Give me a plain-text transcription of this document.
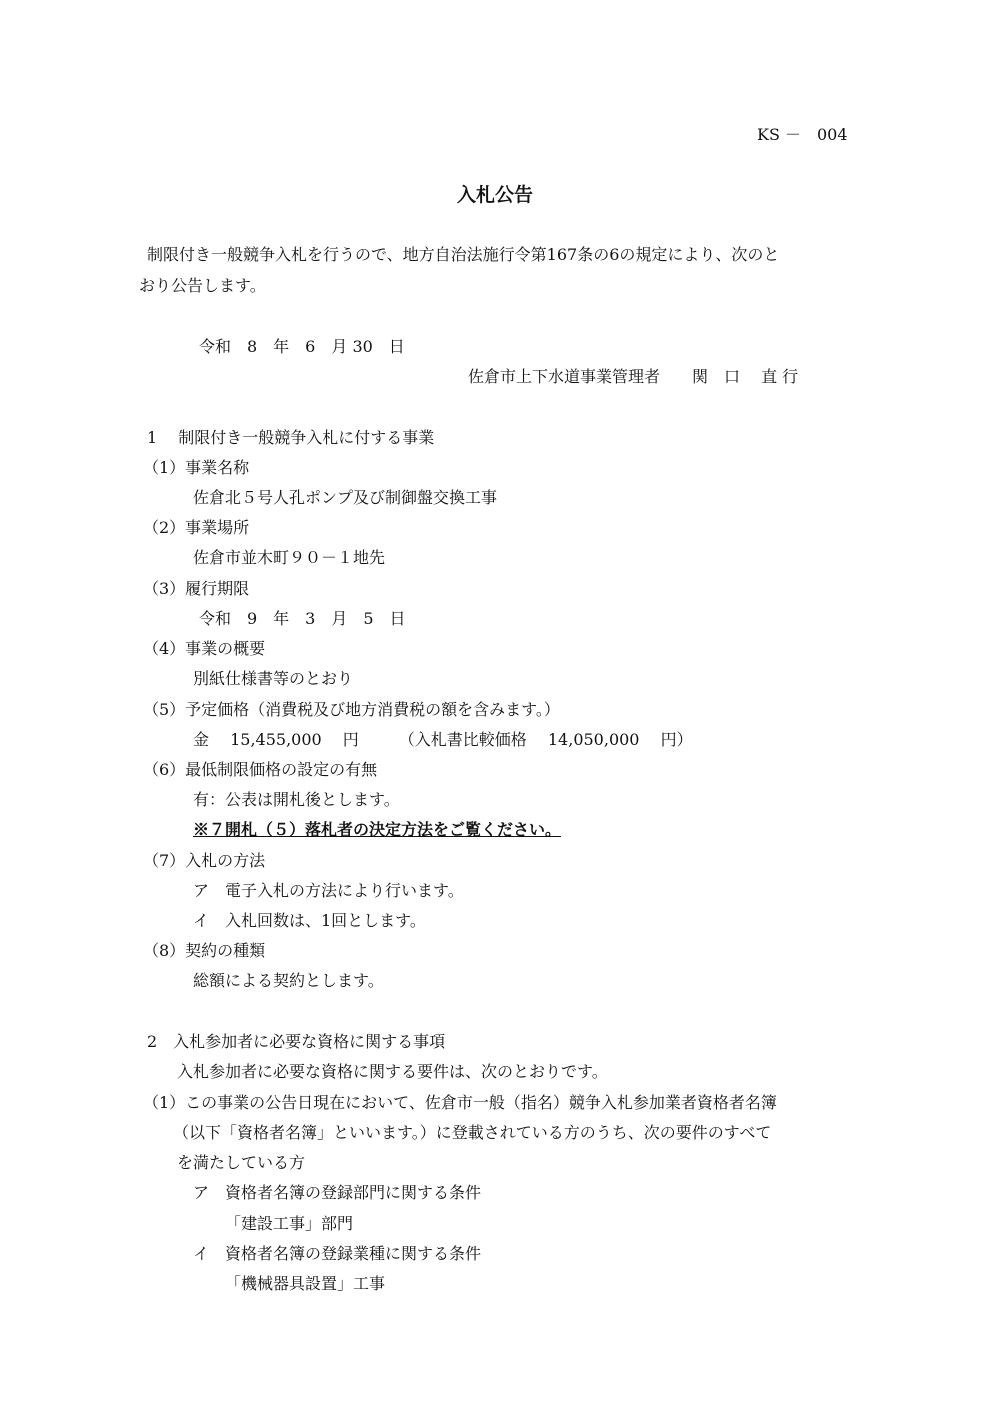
KS －　004
入札公告
制限付き一般競争入札を行うので、地方自治法施行令第167条の6の規定により、次のと
おり公告します。
令和　8　年　6　月 30　日
佐倉市上下水道事業管理者　　関　口　 直 行
1　 制限付き一般競争入札に付する事業
（1）事業名称
佐倉北５号人孔ポンプ及び制御盤交換工事
（2）事業場所
佐倉市並木町９０－１地先
（3）履行期限
令和　9　年　3　月　5　日
（4）事業の概要
別紙仕様書等のとおり
（5）予定価格（消費税及び地方消費税の額を含みます。）
金　 15,455,000　 円　　　（入札書比較価格　 14,050,000　 円）
（6）最低制限価格の設定の有無
有：公表は開札後とします。
※７開札（５）落札者の決定方法をご覧ください。
（7）入札の方法
ア　電子入札の方法により行います。
イ　入札回数は、1回とします。
（8）契約の種類
総額による契約とします。
2　入札参加者に必要な資格に関する事項
入札参加者に必要な資格に関する要件は、次のとおりです。
（1）この事業の公告日現在において、佐倉市一般（指名）競争入札参加業者資格者名簿
（以下「資格者名簿」といいます。）に登載されている方のうち、次の要件のすべて
を満たしている方
ア　資格者名簿の登録部門に関する条件
「建設工事」部門
イ　資格者名簿の登録業種に関する条件
「機械器具設置」工事
